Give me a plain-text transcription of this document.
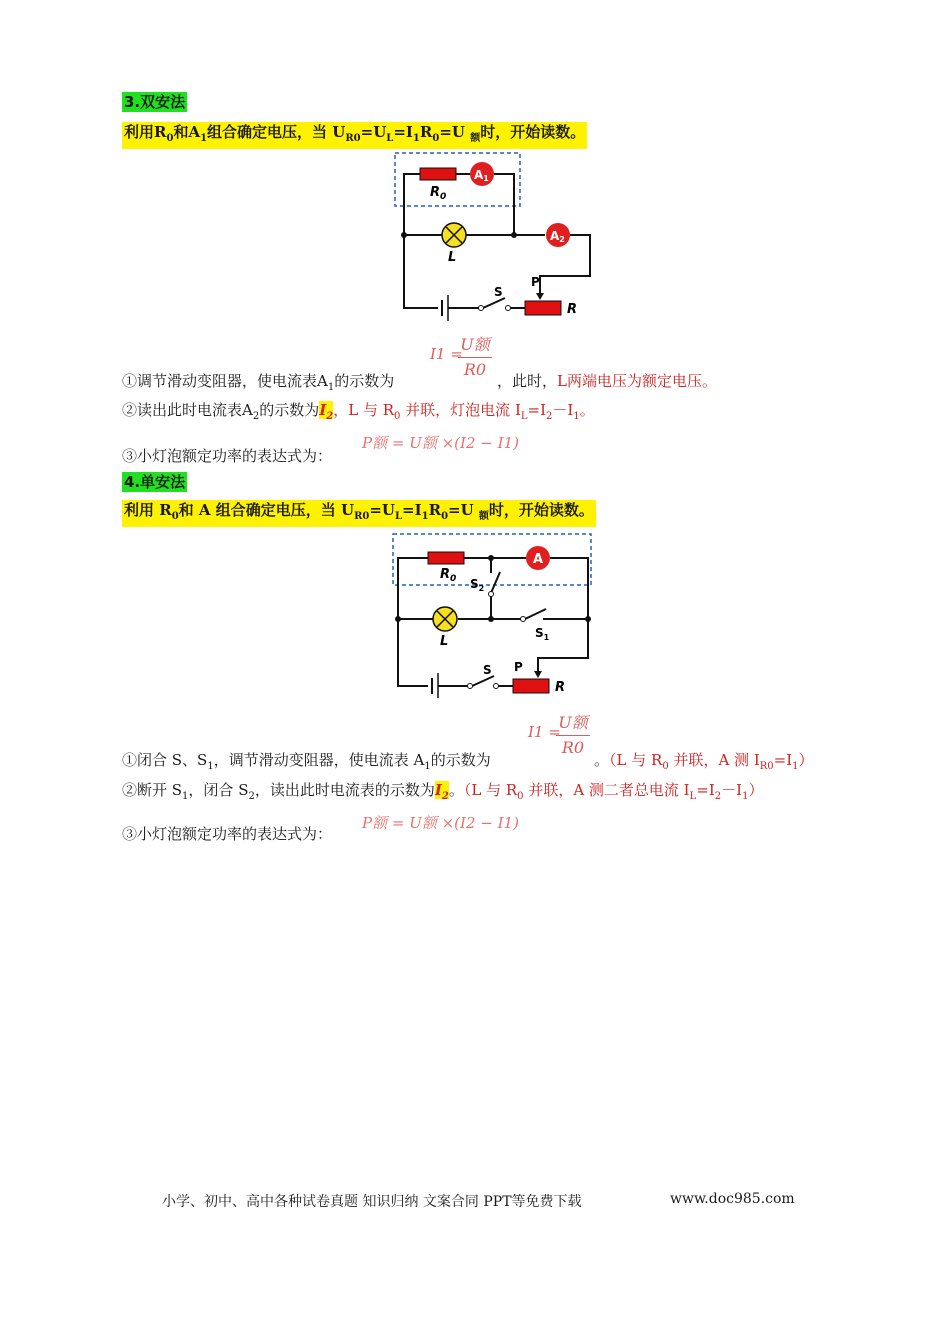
3.双安法
利用$R_0$和$A_1$组合确定电压，当 $U_{R0}=U_L=I_1R_0=U$ $_额$时，开始读数。
$R_0$
A1
L
A2
S
P
R
I1 =
U额
R0
①调节滑动变阻器，使电流表$A_1$的示数为	，此时，L两端电压为额定电压。
②读出此时电流表$A_2$的示数为$I_2$，L 与 $R_0$ 并联，灯泡电流 $I_L=I_2-I_1$。
③小灯泡额定功率的表达式为：
P额 = U额 ×(I2 − I1)
4.单安法
利用 $R_0$和 A 组合确定电压，当 $U_{R0}=U_L=I_1R_0=U$ $_额$时，开始读数。
$R_0$
A
$S_2$
L
$S_1$
S P
R
I1 =
U额
R0
①闭合 S、$S_1$，调节滑动变阻器，使电流表 $A_1$的示数为	。（L 与 $R_0$ 并联，A 测 $I_{R0}=I_1$）
②断开 $S_1$，闭合 $S_2$，读出此时电流表的示数为$I_2$。（L 与 $R_0$ 并联，A 测二者总电流 $I_L=I_2-I_1$）
③小灯泡额定功率的表达式为：
P额 = U额 ×(I2 − I1)
小学、初中、高中各种试卷真题 知识归纳 文案合同 PPT等免费下载	www.doc985.com
